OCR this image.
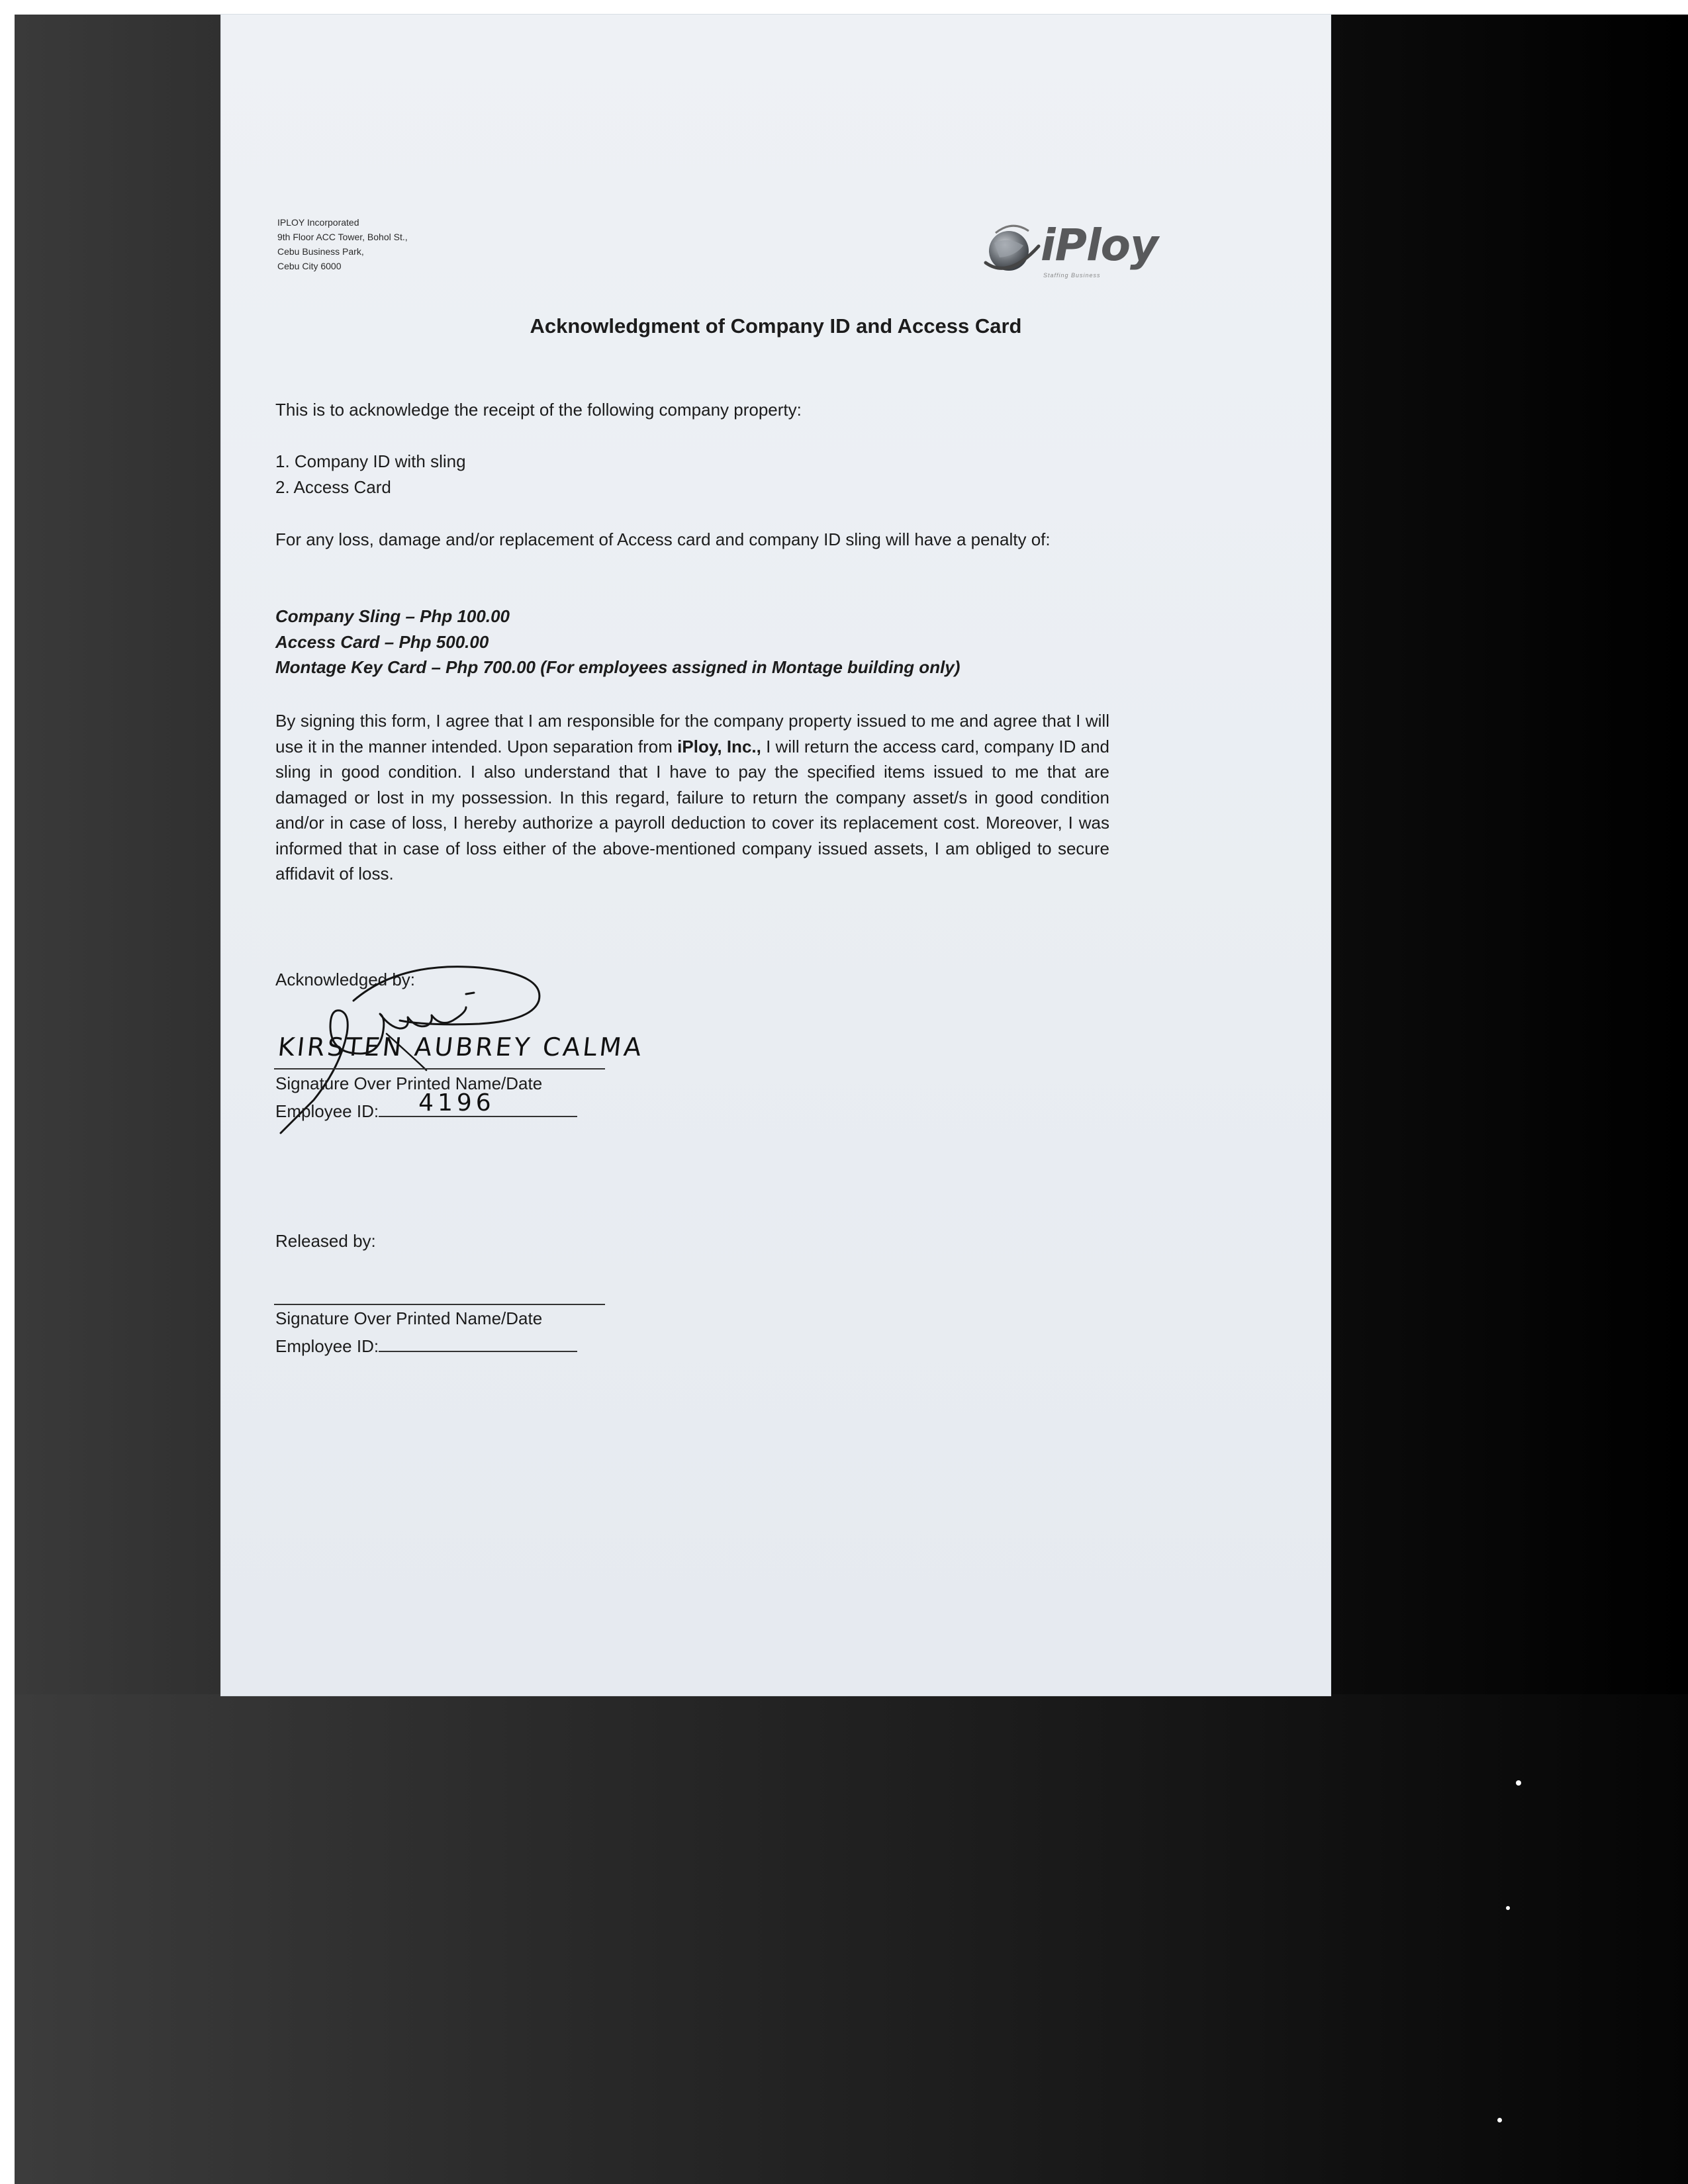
IPLOY Incorporated
9th Floor ACC Tower, Bohol St.,
Cebu Business Park,
Cebu City 6000	iPloy
Staffing Business
Acknowledgment of Company ID and Access Card
This is to acknowledge the receipt of the following company property:
1. Company ID with sling
2. Access Card
For any loss, damage and/or replacement of Access card and company ID sling will have a penalty of:
Company Sling – Php 100.00
Access Card – Php 500.00
Montage Key Card – Php 700.00 (For employees assigned in Montage building only)
By signing this form, I agree that I am responsible for the company property issued to me and agree that I will use it in the manner intended. Upon separation from iPloy, Inc., I will return the access card, company ID and sling in good condition. I also understand that I have to pay the specified items issued to me that are damaged or lost in my possession. In this regard, failure to return the company asset/s in good condition and/or in case of loss, I hereby authorize a payroll deduction to cover its replacement cost. Moreover, I was informed that in case of loss either of the above-mentioned company issued assets, I am obliged to secure affidavit of loss.
Acknowledged by:
KIRSTEN AUBREY CALMA
Signature Over Printed Name/Date
Employee ID: 4196
Released by:
Signature Over Printed Name/Date
Employee ID:
